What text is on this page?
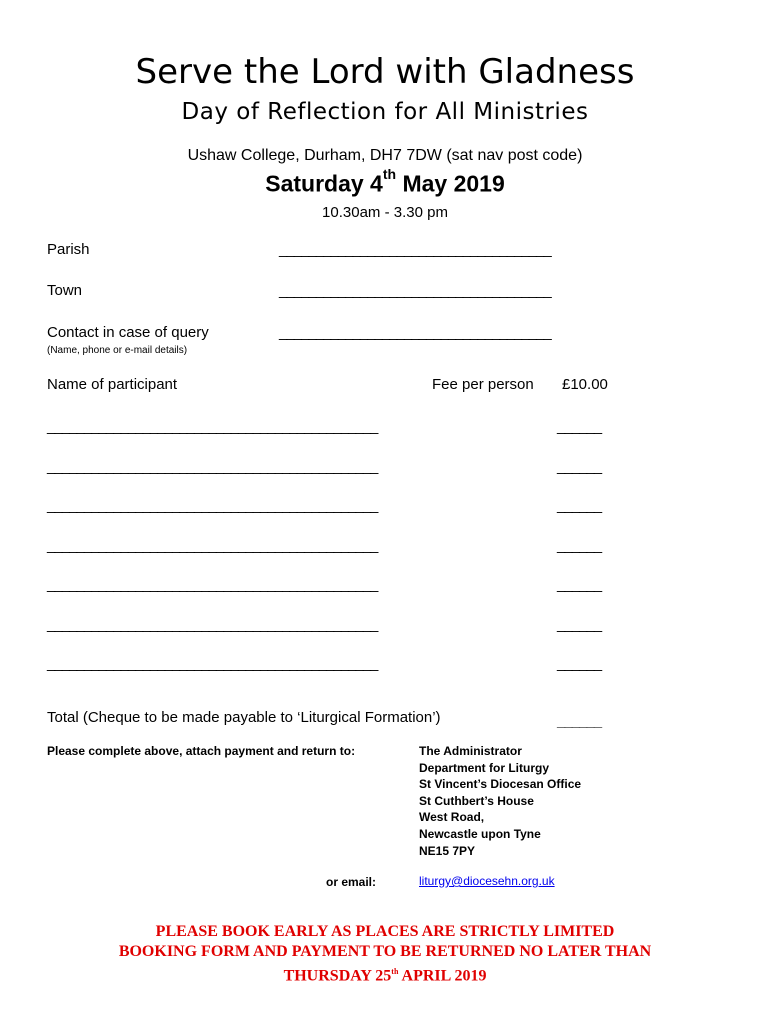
Serve the Lord with Gladness
Day of Reflection for All Ministries
Ushaw College, Durham, DH7 7DW (sat nav post code)
Saturday 4th May 2019
10.30am - 3.30 pm
Parish	_____________________________________
Town	_____________________________________
Contact in case of query	_____________________________________
(Name, phone or e-mail details)
Name of participant	Fee per person £10.00
_____________________________________________	______
_____________________________________________	______
_____________________________________________	______
_____________________________________________	______
_____________________________________________	______
_____________________________________________	______
_____________________________________________	______
Total (Cheque to be made payable to ‘Liturgical Formation’)	______
Please complete above, attach payment and return to:	The Administrator
Department for Liturgy
St Vincent’s Diocesan Office
St Cuthbert’s House
West Road,
Newcastle upon Tyne
NE15 7PY
or email:	liturgy@diocesehn.org.uk
PLEASE BOOK EARLY AS PLACES ARE STRICTLY LIMITED
BOOKING FORM AND PAYMENT TO BE RETURNED NO LATER THAN
THURSDAY 25th APRIL 2019
